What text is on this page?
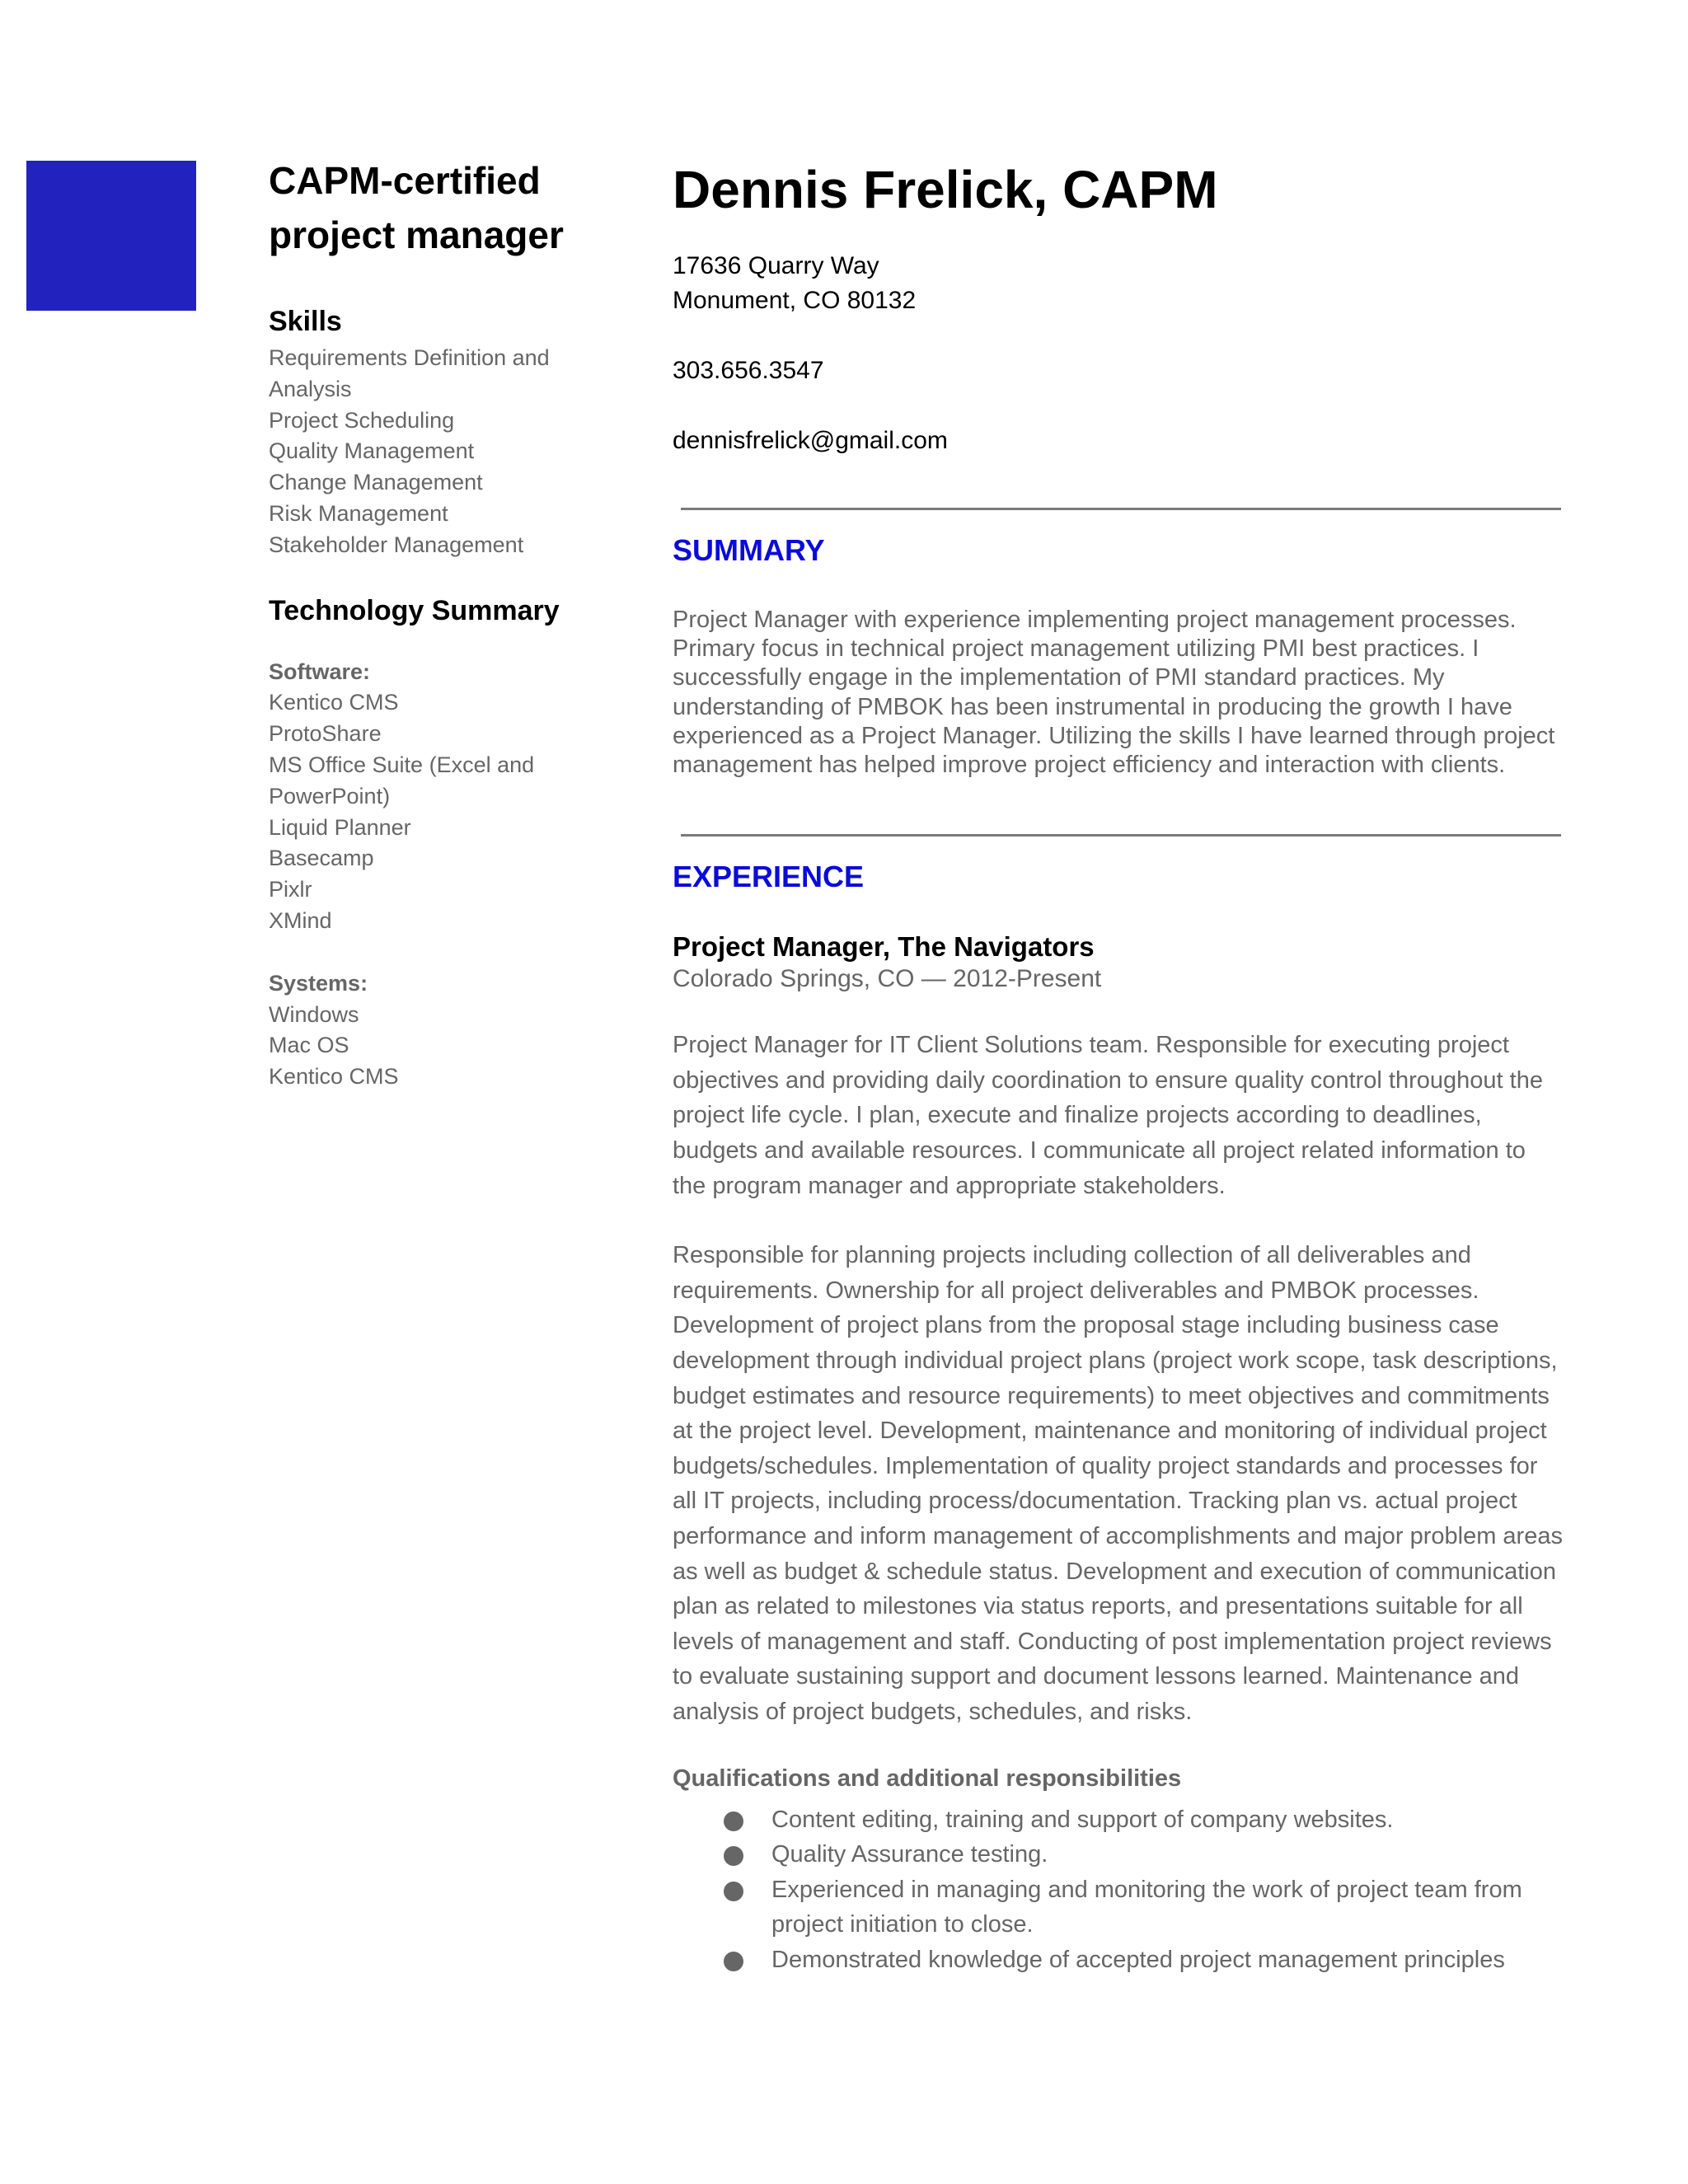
CAPM-certified
project manager
Skills
Requirements Definition and
Analysis
Project Scheduling
Quality Management
Change Management
Risk Management
Stakeholder Management
Technology Summary
Software:
Kentico CMS
ProtoShare
MS Office Suite (Excel and
PowerPoint)
Liquid Planner
Basecamp
Pixlr
XMind
Systems:
Windows
Mac OS
Kentico CMS
Dennis Frelick, CAPM
17636 Quarry Way
Monument, CO 80132
303.656.3547
dennisfrelick@gmail.com
SUMMARY

Project Manager with experience implementing project management processes. Primary focus in technical project management utilizing PMI best practices. I successfully engage in the implementation of PMI standard practices. My understanding of PMBOK has been instrumental in producing the growth I have experienced as a Project Manager. Utilizing the skills I have learned through project management has helped improve project efficiency and interaction with clients.

EXPERIENCE
Project Manager, The Navigators
Colorado Springs, CO — 2012-Present

Project Manager for IT Client Solutions team. Responsible for executing project objectives and providing daily coordination to ensure quality control throughout the project life cycle. I plan, execute and finalize projects according to deadlines, budgets and available resources. I communicate all project related information to the program manager and appropriate stakeholders.

Responsible for planning projects including collection of all deliverables and requirements. Ownership for all project deliverables and PMBOK processes. Development of project plans from the proposal stage including business case development through individual project plans (project work scope, task descriptions, budget estimates and resource requirements) to meet objectives and commitments at the project level. Development, maintenance and monitoring of individual project budgets/schedules. Implementation of quality project standards and processes for all IT projects, including process/documentation. Tracking plan vs. actual project performance and inform management of accomplishments and major problem areas as well as budget & schedule status. Development and execution of communication plan as related to milestones via status reports, and presentations suitable for all levels of management and staff. Conducting of post implementation project reviews to evaluate sustaining support and document lessons learned. Maintenance and analysis of project budgets, schedules, and risks.

Qualifications and additional responsibilities
Content editing, training and support of company websites.
Quality Assurance testing.
Experienced in managing and monitoring the work of project team from project initiation to close.
Demonstrated knowledge of accepted project management principles
